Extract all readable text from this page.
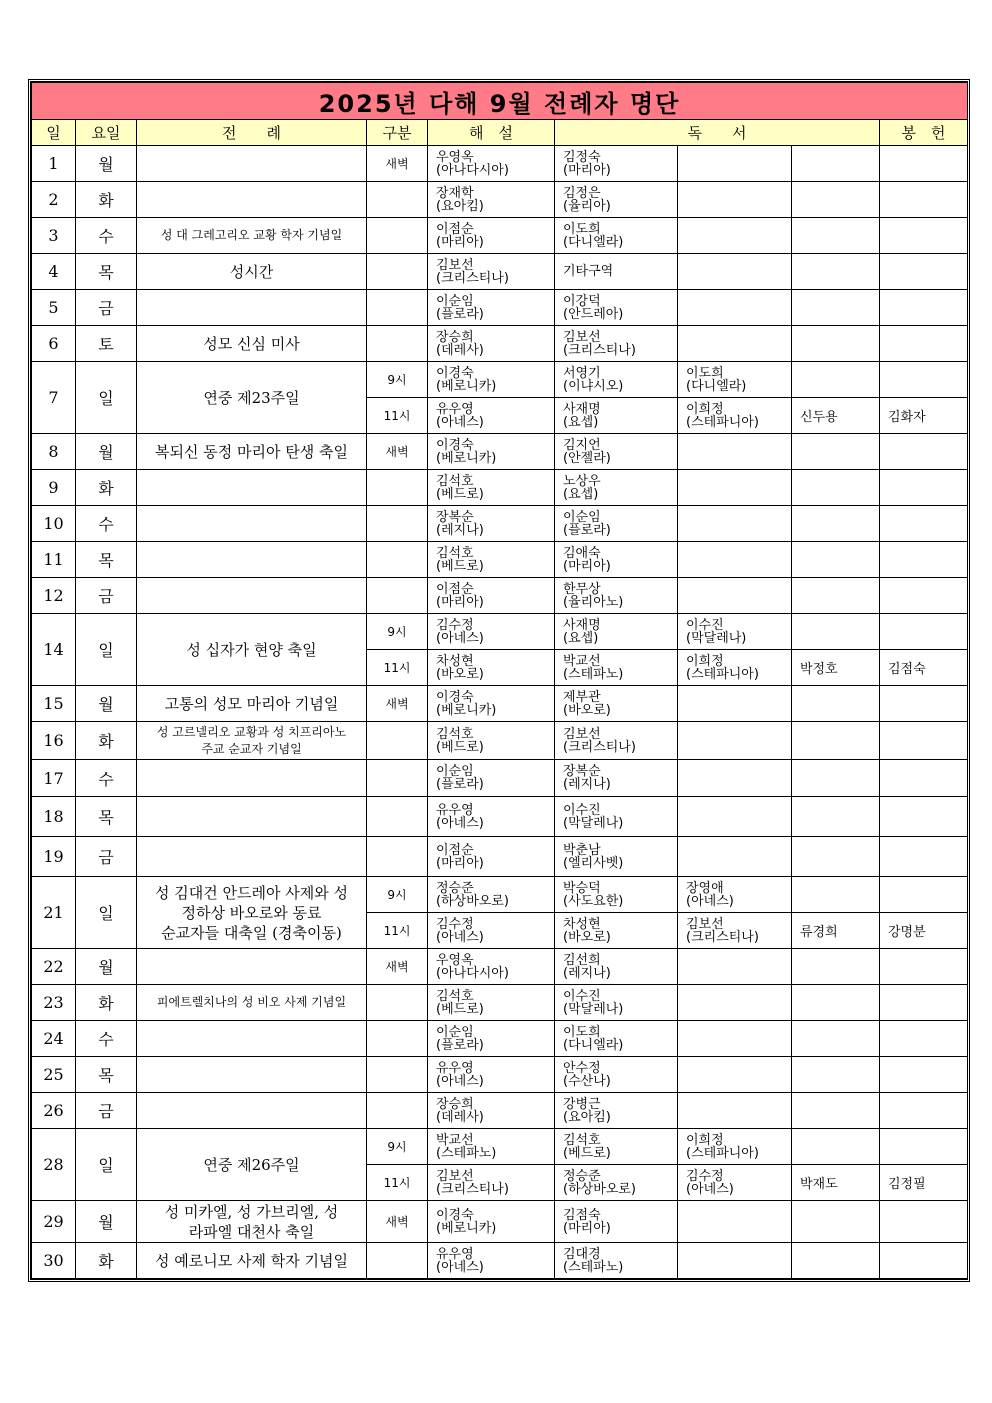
2025년 다해 9월 전례자 명단								
일	요일	전　　례	구분	해　설	독　　서			봉　헌
1	월		새벽	우영옥
(아나다시아)	김정숙
(마리아)			

2	화			장재학
(요아킴)	김정은
(율리아)			

3	수	성 대 그레고리오 교황 학자 기념일		이점순
(마리아)	이도희
(다니엘라)			

4	목	성시간		김보선
(크리스티나)	기타구역			

5	금			이순임
(플로라)	이강덕
(안드레아)			

6	토	성모 신심 미사		장승희
(데레사)	김보선
(크리스티나)			

7	일	연중 제23주일	9시	이경숙
(베로니카)	서영기
(이냐시오)	이도희
(다니엘라)		

			11시	유우영
(아네스)	사재명
(요셉)	이희정
(스테파니아)	신두용	김화자
8	월	복되신 동정 마리아 탄생 축일	새벽	이경숙
(베로니카)	김지언
(안젤라)			

9	화			김석호
(베드로)	노상우
(요셉)			

10	수			장복순
(레지나)	이순임
(플로라)			

11	목			김석호
(베드로)	김애숙
(마리아)			

12	금			이점순
(마리아)	한무상
(율리아노)			

14	일	성 십자가 현양 축일	9시	김수정
(아네스)	사재명
(요셉)	이수진
(막달레나)		

			11시	차성현
(바오로)	박교선
(스테파노)	이희정
(스테파니아)	박정호	김점숙
15	월	고통의 성모 마리아 기념일	새벽	이경숙
(베로니카)	제부관
(바오로)			

16	화	성 고르넬리오 교황과 성 치프리아노
주교 순교자 기념일		김석호
(베드로)	김보선
(크리스티나)			

17	수			이순임
(플로라)	장복순
(레지나)			

18	목			유우영
(아네스)	이수진
(막달레나)			

19	금			이점순
(마리아)	박춘남
(엘리사벳)			

21	일	성 김대건 안드레아 사제와 성
정하상 바오로와 동료
순교자들 대축일 (경축이동)	9시	정승준
(하상바오로)	박승덕
(사도요한)	장영애
(아네스)		

			11시	김수정
(아네스)	차성현
(바오로)	김보선
(크리스티나)	류경희	강명분
22	월		새벽	우영옥
(아나다시아)	김선희
(레지나)			

23	화	피에트렐치나의 성 비오 사제 기념일		김석호
(베드로)	이수진
(막달레나)			

24	수			이순임
(플로라)	이도희
(다니엘라)			

25	목			유우영
(아네스)	안수정
(수산나)			

26	금			장승희
(데레사)	강병근
(요아킴)			

28	일	연중 제26주일	9시	박교선
(스테파노)	김석호
(베드로)	이희정
(스테파니아)		

			11시	김보선
(크리스티나)	정승준
(하상바오로)	김수정
(아네스)	박재도	김정필
29	월	성 미카엘, 성 가브리엘, 성
라파엘 대천사 축일	새벽	이경숙
(베로니카)	김점숙
(마리아)			

30	화	성 예로니모 사제 학자 기념일		유우영
(아네스)	김대경
(스테파노)			
